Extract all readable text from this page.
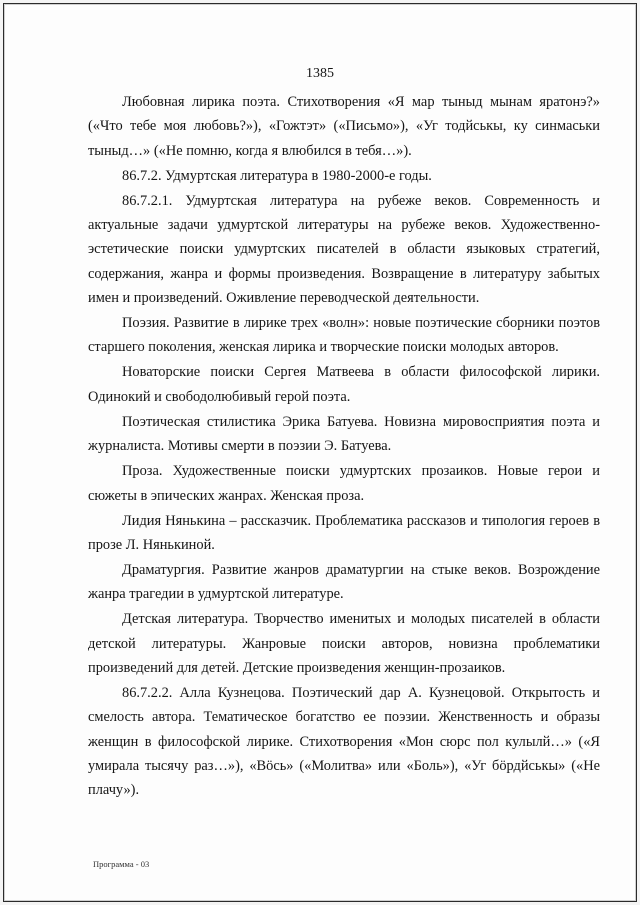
1385

Любовная лирика поэта. Стихотворения «Я мар тыныд мынам яратонэ?» («Что тебе моя любовь?»), «Гожтэт» («Письмо»), «Уг тодйськы, ку синмаськи тыныд…» («Не помню, когда я влюбился в тебя…»).

86.7.2. Удмуртская литература в 1980-2000-е годы.

86.7.2.1. Удмуртская литература на рубеже веков. Современность и актуальные задачи удмуртской литературы на рубеже веков. Художественно-эстетические поиски удмуртских писателей в области языковых стратегий, содержания, жанра и формы произведения. Возвращение в литературу забытых имен и произведений. Оживление переводческой деятельности.

Поэзия. Развитие в лирике трех «волн»: новые поэтические сборники поэтов старшего поколения, женская лирика и творческие поиски молодых авторов.

Новаторские поиски Сергея Матвеева в области философской лирики. Одинокий и свободолюбивый герой поэта.

Поэтическая стилистика Эрика Батуева. Новизна мировосприятия поэта и журналиста. Мотивы смерти в поэзии Э. Батуева.

Проза. Художественные поиски удмуртских прозаиков. Новые герои и сюжеты в эпических жанрах. Женская проза.

Лидия Нянькина – рассказчик. Проблематика рассказов и типология героев в прозе Л. Нянькиной.

Драматургия. Развитие жанров драматургии на стыке веков. Возрождение жанра трагедии в удмуртской литературе.

Детская литература. Творчество именитых и молодых писателей в области детской литературы. Жанровые поиски авторов, новизна проблематики произведений для детей. Детские произведения женщин-прозаиков.

86.7.2.2. Алла Кузнецова. Поэтический дар А. Кузнецовой. Открытость и смелость автора. Тематическое богатство ее поэзии. Женственность и образы женщин в философской лирике. Стихотворения «Мон сюрс пол кулылй…» («Я умирала тысячу раз…»), «Вöсь» («Молитва» или «Боль»), «Уг бöрдйськы» («Не плачу»).

Программа - 03
